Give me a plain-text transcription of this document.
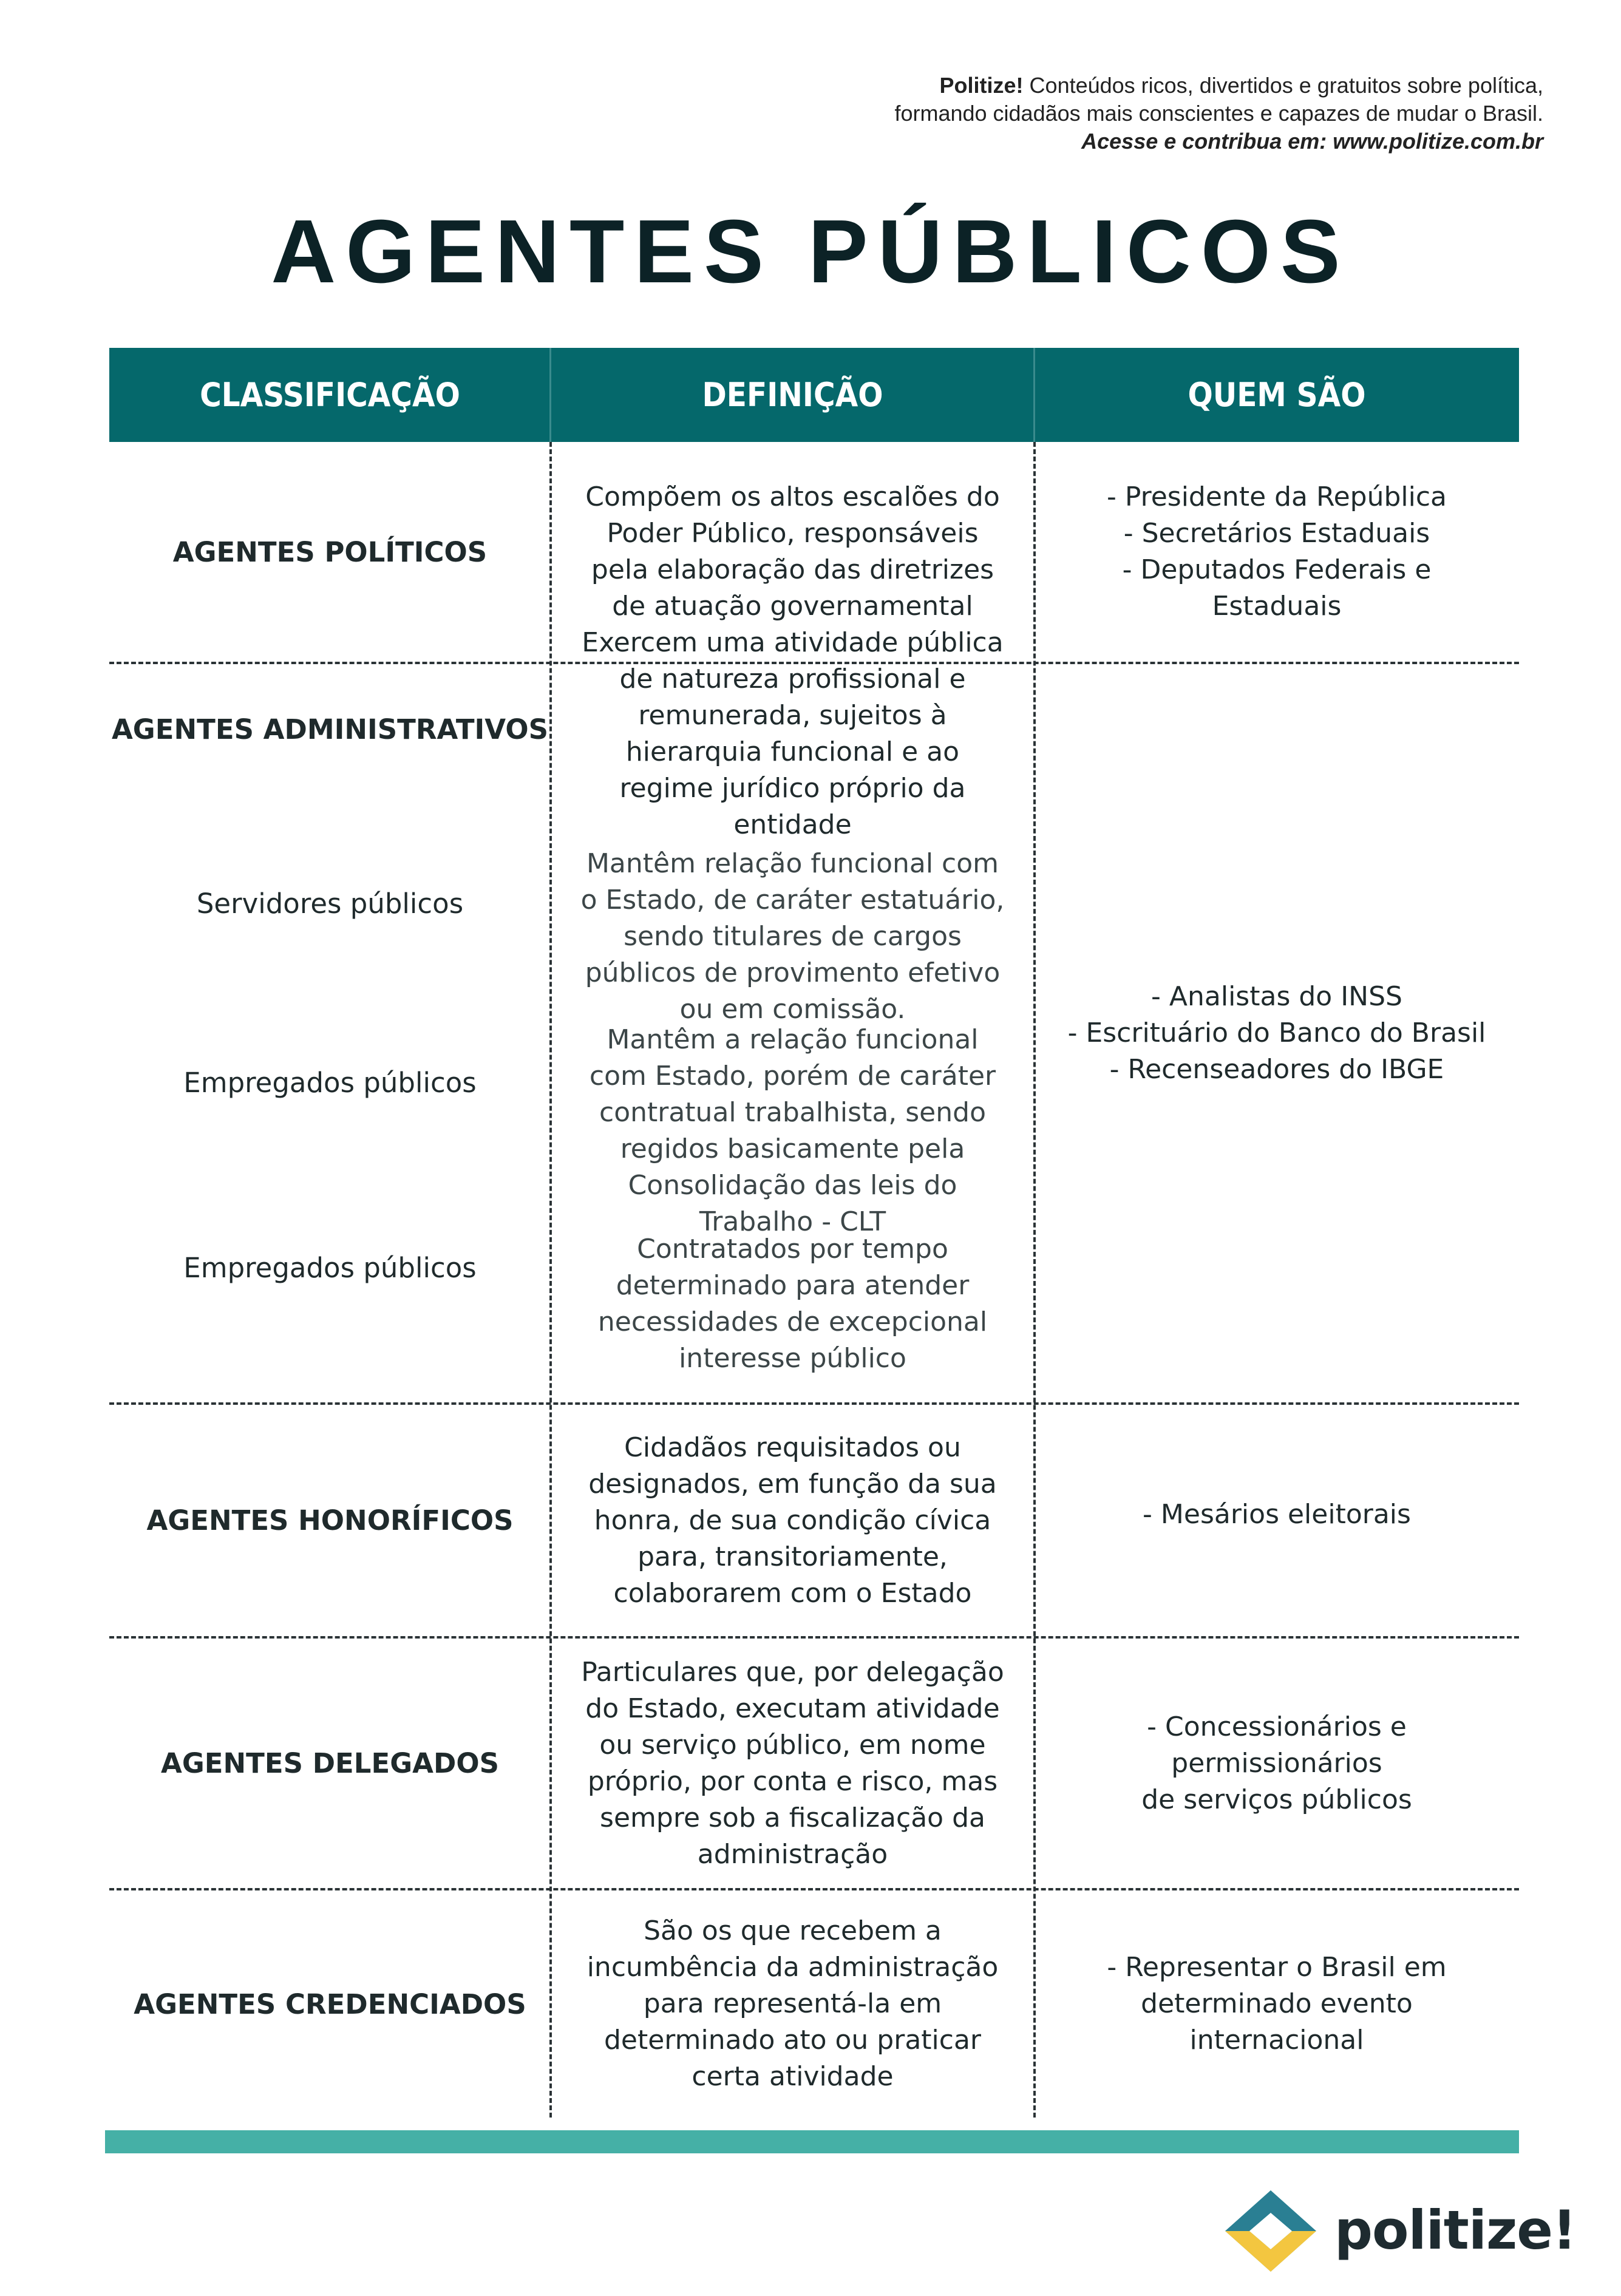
Politize! Conteúdos ricos, divertidos e gratuitos sobre política,
formando cidadãos mais conscientes e capazes de mudar o Brasil.
Acesse e contribua em: www.politize.com.br
AGENTES PÚBLICOS
CLASSIFICAÇÃO	DEFINIÇÃO	QUEM SÃO
AGENTES POLÍTICOS
Compõem os altos escalões do Poder Público, responsáveis pela elaboração das diretrizes de atuação governamental
- Presidente da República
- Secretários Estaduais
- Deputados Federais e Estaduais
AGENTES ADMINISTRATIVOS
Exercem uma atividade pública de natureza profissional e remunerada, sujeitos à hierarquia funcional e ao regime jurídico próprio da entidade
Servidores públicos
Mantêm relação funcional com o Estado, de caráter estatuário, sendo titulares de cargos públicos de provimento efetivo ou em comissão.
Empregados públicos
Mantêm a relação funcional com Estado, porém de caráter contratual trabalhista, sendo regidos basicamente pela Consolidação das leis do Trabalho - CLT
Empregados públicos
Contratados por tempo determinado para atender necessidades de excepcional interesse público
- Analistas do INSS
- Escrituário do Banco do Brasil
- Recenseadores do IBGE
AGENTES HONORÍFICOS
Cidadãos requisitados ou designados, em função da sua honra, de sua condição cívica para, transitoriamente, colaborarem com o Estado
- Mesários eleitorais
AGENTES DELEGADOS
Particulares que, por delegação do Estado, executam atividade ou serviço público, em nome próprio, por conta e risco, mas sempre sob a fiscalização da administração
- Concessionários e permissionários
de serviços públicos
AGENTES CREDENCIADOS
São os que recebem a incumbência da administração para representá-la em determinado ato ou praticar certa atividade
- Representar o Brasil em
determinado evento internacional
politize!
